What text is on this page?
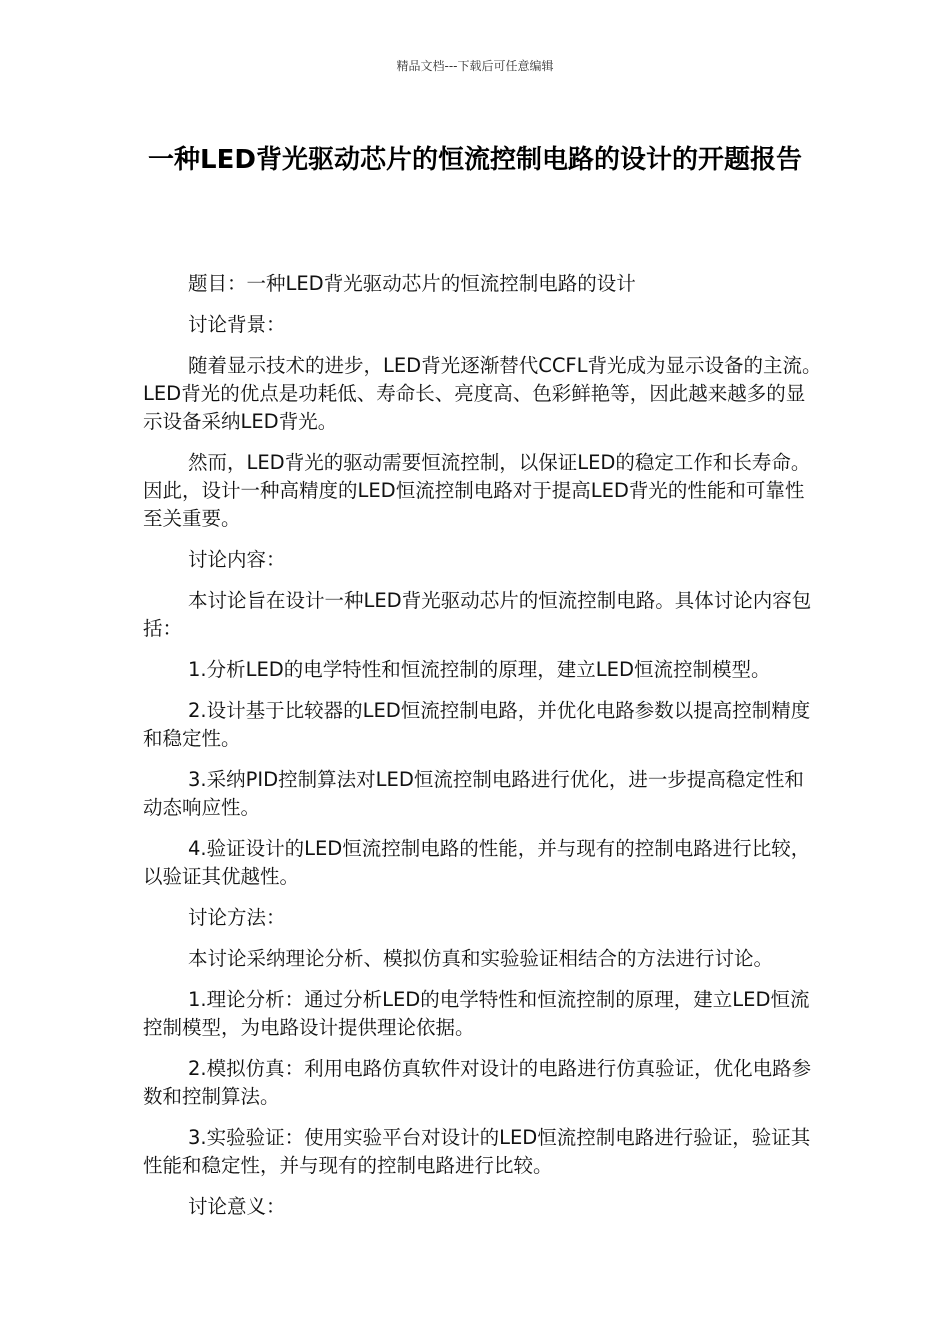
精品文档---下载后可任意编辑
一种LED背光驱动芯片的恒流控制电路的设计的开题报告

题目：一种LED背光驱动芯片的恒流控制电路的设计

讨论背景：

随着显示技术的进步，LED背光逐渐替代CCFL背光成为显示设备的主流。LED背光的优点是功耗低、寿命长、亮度高、色彩鲜艳等，因此越来越多的显示设备采纳LED背光。

然而，LED背光的驱动需要恒流控制，以保证LED的稳定工作和长寿命。因此，设计一种高精度的LED恒流控制电路对于提高LED背光的性能和可靠性至关重要。

讨论内容：

本讨论旨在设计一种LED背光驱动芯片的恒流控制电路。具体讨论内容包括：

1.分析LED的电学特性和恒流控制的原理，建立LED恒流控制模型。

2.设计基于比较器的LED恒流控制电路，并优化电路参数以提高控制精度和稳定性。

3.采纳PID控制算法对LED恒流控制电路进行优化，进一步提高稳定性和动态响应性。

4.验证设计的LED恒流控制电路的性能，并与现有的控制电路进行比较，以验证其优越性。

讨论方法：

本讨论采纳理论分析、模拟仿真和实验验证相结合的方法进行讨论。

1.理论分析：通过分析LED的电学特性和恒流控制的原理，建立LED恒流控制模型，为电路设计提供理论依据。

2.模拟仿真：利用电路仿真软件对设计的电路进行仿真验证，优化电路参数和控制算法。

3.实验验证：使用实验平台对设计的LED恒流控制电路进行验证，验证其性能和稳定性，并与现有的控制电路进行比较。

讨论意义：
